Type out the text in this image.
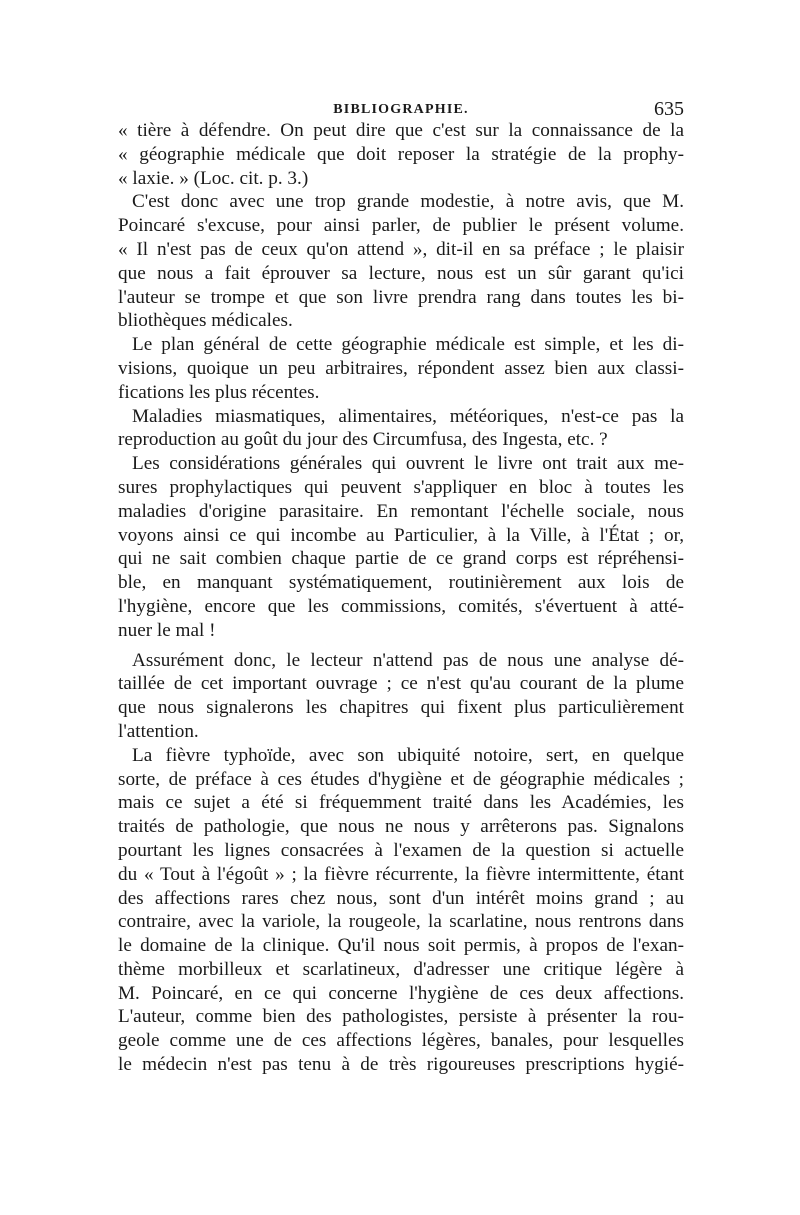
BIBLIOGRAPHIE.	635
« tière à défendre. On peut dire que c'est sur la connaissance de la
« géographie médicale que doit reposer la stratégie de la prophy-
« laxie. » (Loc. cit. p. 3.)
C'est donc avec une trop grande modestie, à notre avis, que M.
Poincaré s'excuse, pour ainsi parler, de publier le présent volume.
« Il n'est pas de ceux qu'on attend », dit-il en sa préface ; le plaisir
que nous a fait éprouver sa lecture, nous est un sûr garant qu'ici
l'auteur se trompe et que son livre prendra rang dans toutes les bi-
bliothèques médicales.
Le plan général de cette géographie médicale est simple, et les di-
visions, quoique un peu arbitraires, répondent assez bien aux classi-
fications les plus récentes.
Maladies miasmatiques, alimentaires, météoriques, n'est-ce pas la
reproduction au goût du jour des Circumfusa, des Ingesta, etc. ?
Les considérations générales qui ouvrent le livre ont trait aux me-
sures prophylactiques qui peuvent s'appliquer en bloc à toutes les
maladies d'origine parasitaire. En remontant l'échelle sociale, nous
voyons ainsi ce qui incombe au Particulier, à la Ville, à l'État ; or,
qui ne sait combien chaque partie de ce grand corps est répréhensi-
ble, en manquant systématiquement, routinièrement aux lois de
l'hygiène, encore que les commissions, comités, s'évertuent à atté-
nuer le mal !
Assurément donc, le lecteur n'attend pas de nous une analyse dé-
taillée de cet important ouvrage ; ce n'est qu'au courant de la plume
que nous signalerons les chapitres qui fixent plus particulièrement
l'attention.
La fièvre typhoïde, avec son ubiquité notoire, sert, en quelque
sorte, de préface à ces études d'hygiène et de géographie médicales ;
mais ce sujet a été si fréquemment traité dans les Académies, les
traités de pathologie, que nous ne nous y arrêterons pas. Signalons
pourtant les lignes consacrées à l'examen de la question si actuelle
du « Tout à l'égoût » ; la fièvre récurrente, la fièvre intermittente, étant
des affections rares chez nous, sont d'un intérêt moins grand ; au
contraire, avec la variole, la rougeole, la scarlatine, nous rentrons dans
le domaine de la clinique. Qu'il nous soit permis, à propos de l'exan-
thème morbilleux et scarlatineux, d'adresser une critique légère à
M. Poincaré, en ce qui concerne l'hygiène de ces deux affections.
L'auteur, comme bien des pathologistes, persiste à présenter la rou-
geole comme une de ces affections légères, banales, pour lesquelles
le médecin n'est pas tenu à de très rigoureuses prescriptions hygié-
